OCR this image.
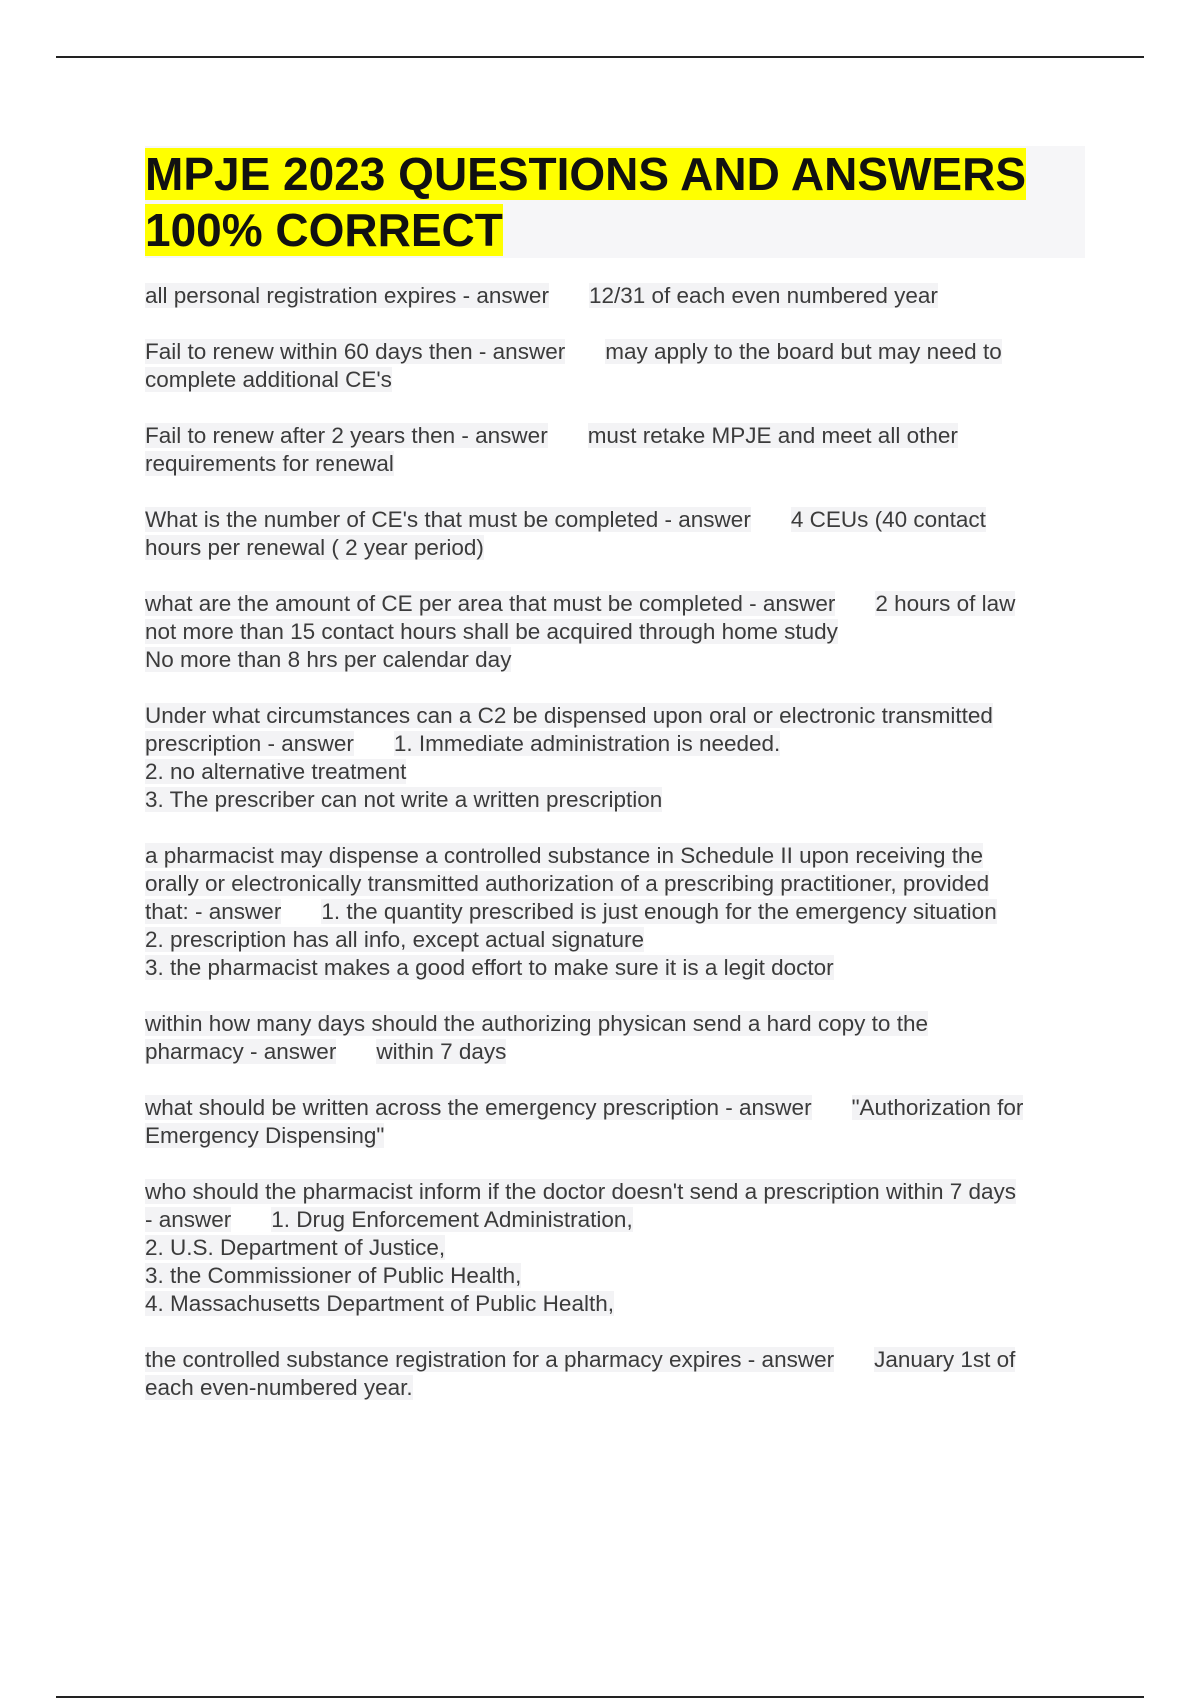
MPJE 2023 QUESTIONS AND ANSWERS
100% CORRECT
all personal registration expires - answer 12/31 of each even numbered year
Fail to renew within 60 days then - answer may apply to the board but may need to
complete additional CE's
Fail to renew after 2 years then - answer must retake MPJE and meet all other
requirements for renewal
What is the number of CE's that must be completed - answer 4 CEUs (40 contact
hours per renewal ( 2 year period)
what are the amount of CE per area that must be completed - answer 2 hours of law
not more than 15 contact hours shall be acquired through home study
No more than 8 hrs per calendar day
Under what circumstances can a C2 be dispensed upon oral or electronic transmitted
prescription - answer 1. Immediate administration is needed.
2. no alternative treatment
3. The prescriber can not write a written prescription
a pharmacist may dispense a controlled substance in Schedule II upon receiving the
orally or electronically transmitted authorization of a prescribing practitioner, provided
that: - answer 1. the quantity prescribed is just enough for the emergency situation
2. prescription has all info, except actual signature
3. the pharmacist makes a good effort to make sure it is a legit doctor
within how many days should the authorizing physican send a hard copy to the
pharmacy - answer within 7 days
what should be written across the emergency prescription - answer "Authorization for
Emergency Dispensing"
who should the pharmacist inform if the doctor doesn't send a prescription within 7 days
- answer 1. Drug Enforcement Administration,
2. U.S. Department of Justice,
3. the Commissioner of Public Health,
4. Massachusetts Department of Public Health,
the controlled substance registration for a pharmacy expires - answer January 1st of
each even-numbered year.
